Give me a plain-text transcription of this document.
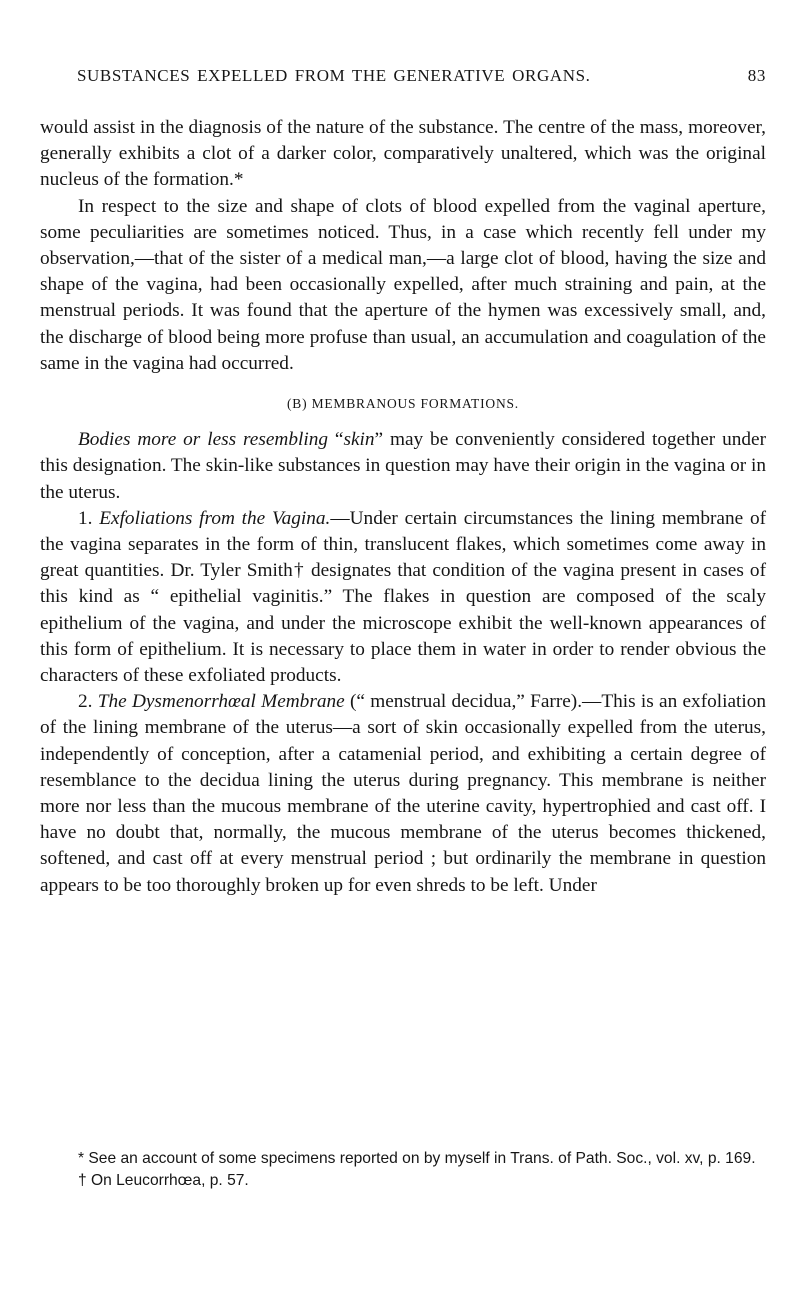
SUBSTANCES EXPELLED FROM THE GENERATIVE ORGANS.	83

would assist in the diagnosis of the nature of the substance. The centre of the mass, moreover, generally exhibits a clot of a darker color, comparatively unaltered, which was the original nucleus of the formation.*

In respect to the size and shape of clots of blood expelled from the vaginal aperture, some peculiarities are sometimes noticed. Thus, in a case which recently fell under my observation,—that of the sister of a medical man,—a large clot of blood, having the size and shape of the vagina, had been occasionally expelled, after much straining and pain, at the menstrual periods. It was found that the aperture of the hymen was excessively small, and, the discharge of blood being more profuse than usual, an accumulation and coagulation of the same in the vagina had occurred.

(B) MEMBRANOUS FORMATIONS.

Bodies more or less resembling “skin” may be conveniently considered together under this designation. The skin-like substances in question may have their origin in the vagina or in the uterus.

1. Exfoliations from the Vagina.—Under certain circumstances the lining membrane of the vagina separates in the form of thin, translucent flakes, which sometimes come away in great quantities. Dr. Tyler Smith† designates that condition of the vagina present in cases of this kind as “ epithelial vaginitis.” The flakes in question are composed of the scaly epithelium of the vagina, and under the microscope exhibit the well-known appearances of this form of epithelium. It is necessary to place them in water in order to render obvious the characters of these exfoliated products.

2. The Dysmenorrhœal Membrane (“ menstrual decidua,” Farre).—This is an exfoliation of the lining membrane of the uterus—a sort of skin occasionally expelled from the uterus, independently of conception, after a catamenial period, and exhibiting a certain degree of resemblance to the decidua lining the uterus during pregnancy. This membrane is neither more nor less than the mucous membrane of the uterine cavity, hypertrophied and cast off. I have no doubt that, normally, the mucous membrane of the uterus becomes thickened, softened, and cast off at every menstrual period ; but ordinarily the membrane in question appears to be too thoroughly broken up for even shreds to be left. Under

* See an account of some specimens reported on by myself in Trans. of Path. Soc., vol. xv, p. 169.

† On Leucorrhœa, p. 57.
